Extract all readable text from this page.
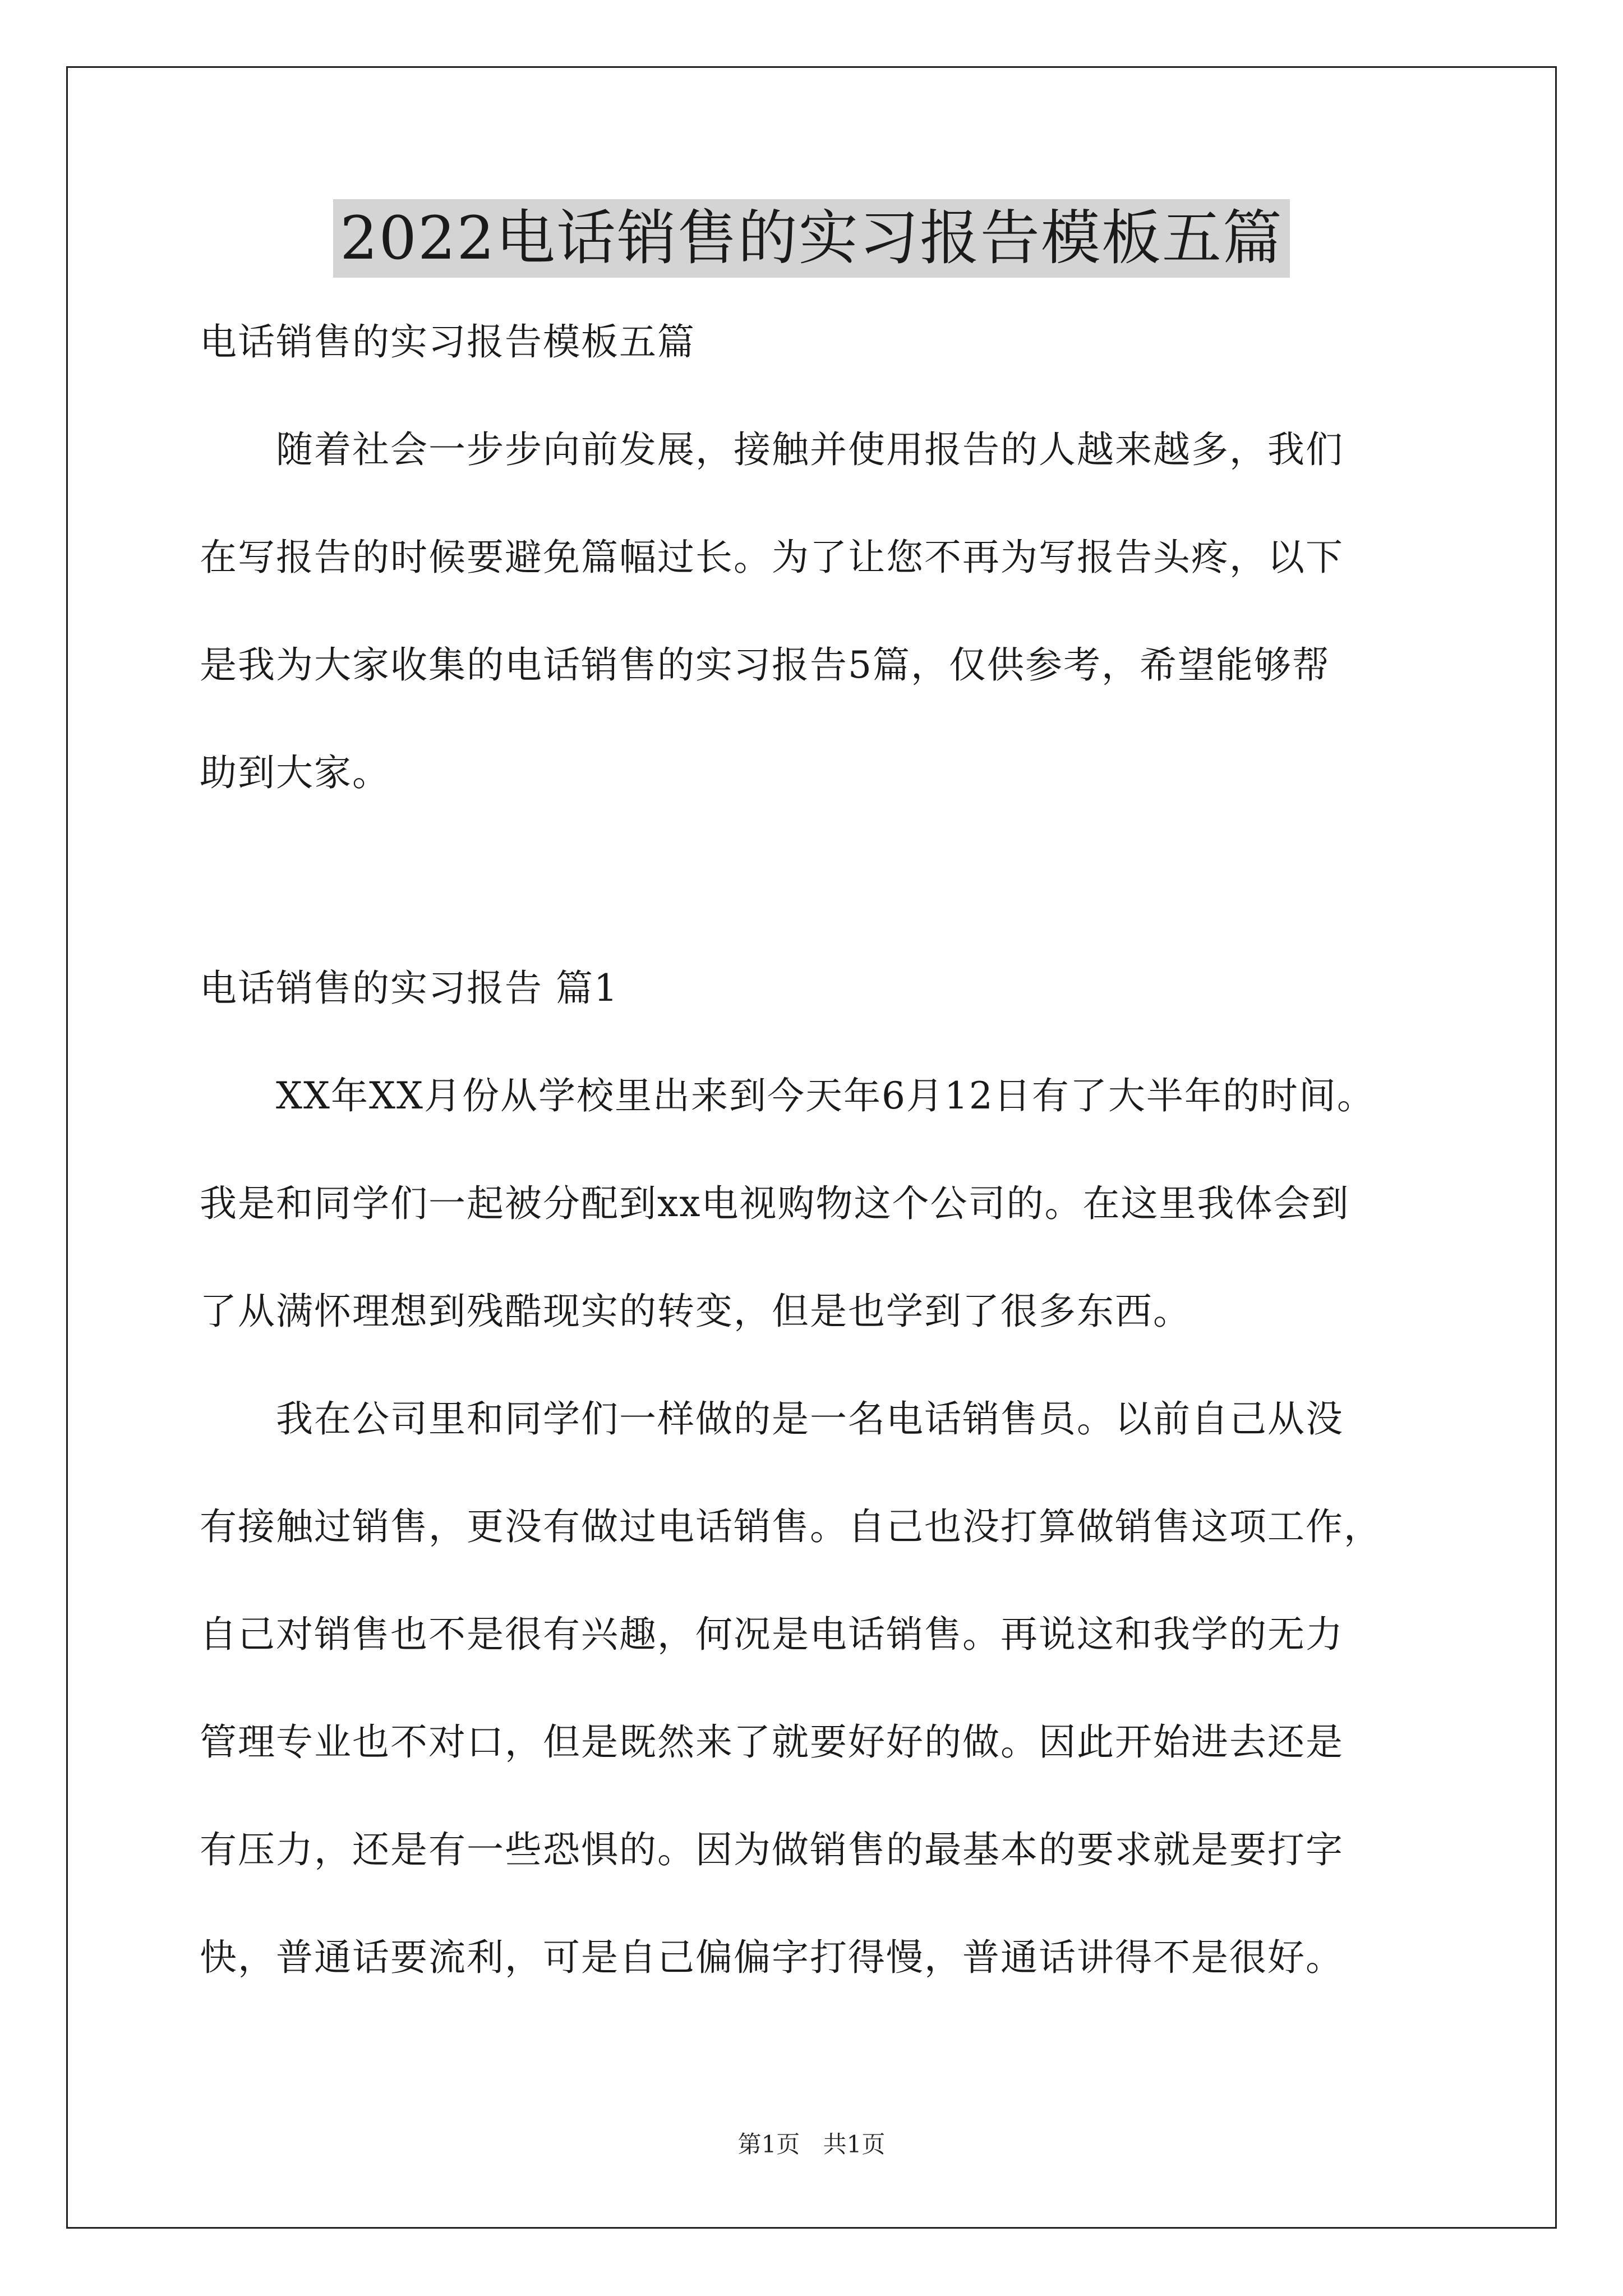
2022电话销售的实习报告模板五篇

电话销售的实习报告模板五篇

随着社会一步步向前发展，接触并使用报告的人越来越多，我们

在写报告的时候要避免篇幅过长。为了让您不再为写报告头疼，以下

是我为大家收集的电话销售的实习报告5篇，仅供参考，希望能够帮

助到大家。

电话销售的实习报告 篇1

XX年XX月份从学校里出来到今天年6月12日有了大半年的时间。

我是和同学们一起被分配到xx电视购物这个公司的。在这里我体会到

了从满怀理想到残酷现实的转变，但是也学到了很多东西。

我在公司里和同学们一样做的是一名电话销售员。以前自己从没

有接触过销售，更没有做过电话销售。自己也没打算做销售这项工作，

自己对销售也不是很有兴趣，何况是电话销售。再说这和我学的无力

管理专业也不对口，但是既然来了就要好好的做。因此开始进去还是

有压力，还是有一些恐惧的。因为做销售的最基本的要求就是要打字

快，普通话要流利，可是自己偏偏字打得慢，普通话讲得不是很好。

第1页 共1页
